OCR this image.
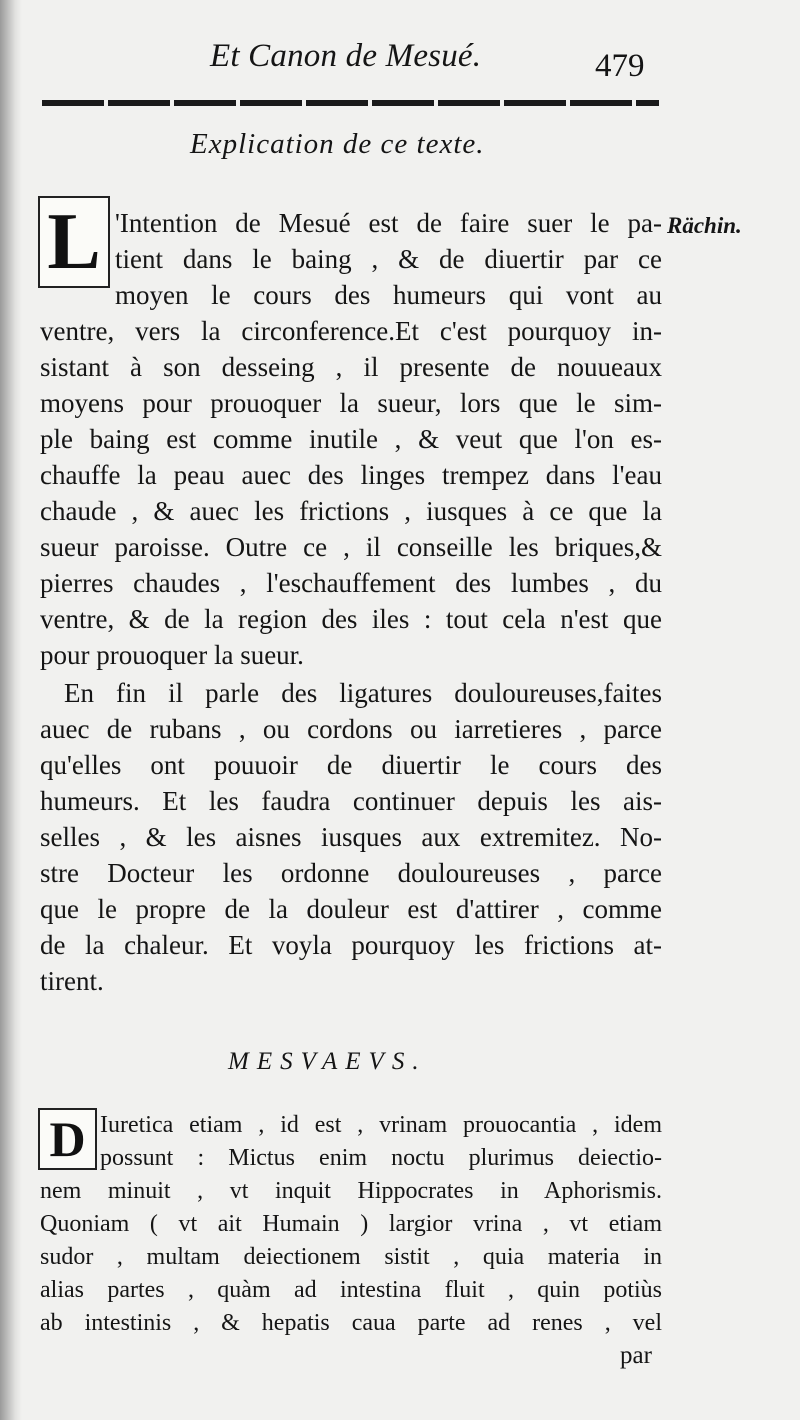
Et Canon de Mesué.	479
Explication de ce texte.
Rächin.
L 'Intention de Mesué est de faire suer le pa-
tient dans le baing , & de diuertir par ce
moyen le cours des humeurs qui vont au
ventre, vers la circonference.Et c'est pourquoy in-
sistant à son desseing , il presente de nouueaux
moyens pour prouoquer la sueur, lors que le sim-
ple baing est comme inutile , & veut que l'on es-
chauffe la peau auec des linges trempez dans l'eau
chaude , & auec les frictions , iusques à ce que la
sueur paroisse. Outre ce , il conseille les briques,&
pierres chaudes , l'eschauffement des lumbes , du
ventre, & de la region des iles : tout cela n'est que
pour prouoquer la sueur.
En fin il parle des ligatures douloureuses,faites
auec de rubans , ou cordons ou iarretieres , parce
qu'elles ont pouuoir de diuertir le cours des
humeurs. Et les faudra continuer depuis les ais-
selles , & les aisnes iusques aux extremitez. No-
stre Docteur les ordonne douloureuses , parce
que le propre de la douleur est d'attirer , comme
de la chaleur. Et voyla pourquoy les frictions at-
tirent.
MESVAEVS.
D Iuretica etiam , id est , vrinam prouocantia , idem
possunt : Mictus enim noctu plurimus deiectio-
nem minuit , vt inquit Hippocrates in Aphorismis.
Quoniam ( vt ait Humain ) largior vrina , vt etiam
sudor , multam deiectionem sistit , quia materia in
alias partes , quàm ad intestina fluit , quin potiùs
ab intestinis , & hepatis caua parte ad renes , vel
par
